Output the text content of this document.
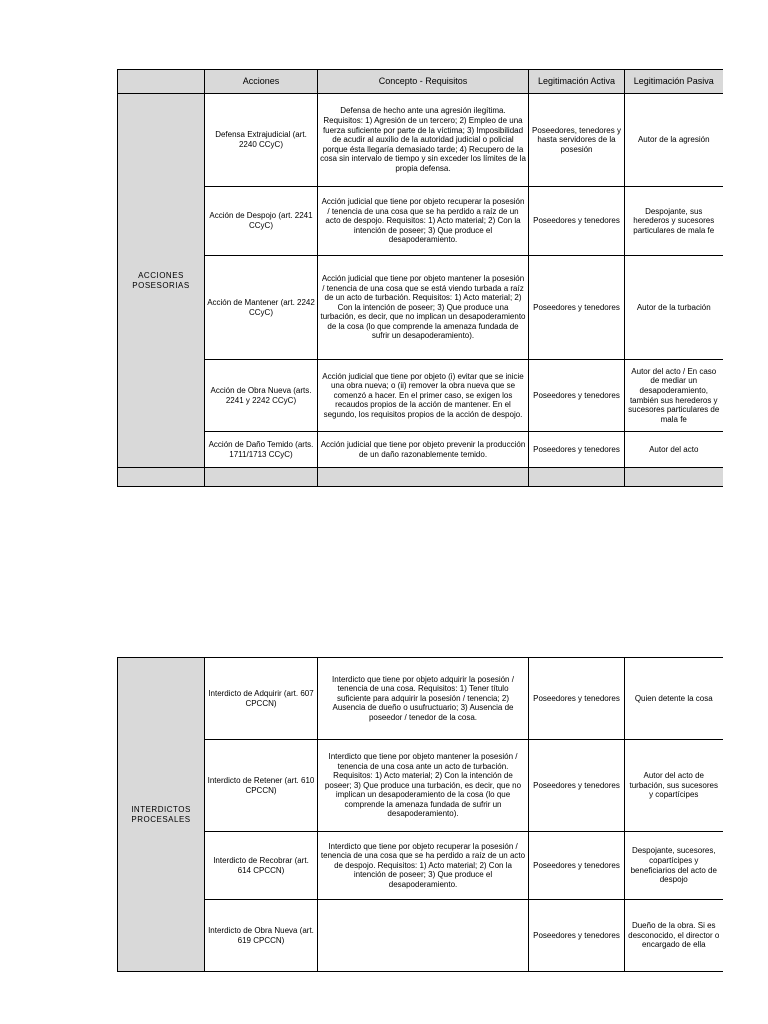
	Acciones	Concepto - Requisitos	Legitimación Activa	Legitimación Pasiva
ACCIONES POSESORIAS	Defensa Extrajudicial (art. 2240 CCyC)	Defensa de hecho ante una agresión ilegítima. Requisitos: 1) Agresión de un tercero; 2) Empleo de una fuerza suficiente por parte de la víctima; 3) Imposibilidad de acudir al auxilio de la autoridad judicial o policial porque ésta llegaría demasiado tarde; 4) Recupero de la cosa sin intervalo de tiempo y sin exceder los límites de la propia defensa.	Poseedores, tenedores y hasta servidores de la posesión	Autor de la agresión
	Acción de Despojo (art. 2241 CCyC)	Acción judicial que tiene por objeto recuperar la posesión / tenencia de una cosa que se ha perdido a raíz de un acto de despojo. Requisitos: 1) Acto material; 2) Con la intención de poseer; 3) Que produce el desapoderamiento.	Poseedores y tenedores	Despojante, sus herederos y sucesores particulares de mala fe
	Acción de Mantener (art. 2242 CCyC)	Acción judicial que tiene por objeto mantener la posesión / tenencia de una cosa que se está viendo turbada a raíz de un acto de turbación. Requisitos: 1) Acto material; 2) Con la intención de poseer; 3) Que produce una turbación, es decir, que no implican un desapoderamiento de la cosa (lo que comprende la amenaza fundada de sufrir un desapoderamiento).	Poseedores y tenedores	Autor de la turbación
	Acción de Obra Nueva (arts. 2241 y 2242 CCyC)	Acción judicial que tiene por objeto (i) evitar que se inicie una obra nueva; o (ii) remover la obra nueva que se comenzó a hacer. En el primer caso, se exigen los recaudos propios de la acción de mantener. En el segundo, los requisitos propios de la acción de despojo.	Poseedores y tenedores	Autor del acto / En caso de mediar un desapoderamiento, también sus herederos y sucesores particulares de mala fe
	Acción de Daño Temido (arts. 1711/1713 CCyC)	Acción judicial que tiene por objeto prevenir la producción de un daño razonablemente temido.	Poseedores y tenedores	Autor del acto

INTERDICTOS PROCESALES	Interdicto de Adquirir (art. 607 CPCCN)	Interdicto que tiene por objeto adquirir la posesión / tenencia de una cosa. Requisitos: 1) Tener título suficiente para adquirir la posesión / tenencia; 2) Ausencia de dueño o usufructuario; 3) Ausencia de poseedor / tenedor de la cosa.	Poseedores y tenedores	Quien detente la cosa
	Interdicto de Retener (art. 610 CPCCN)	Interdicto que tiene por objeto mantener la posesión / tenencia de una cosa ante un acto de turbación. Requisitos: 1) Acto material; 2) Con la intención de poseer; 3) Que produce una turbación, es decir, que no implican un desapoderamiento de la cosa (lo que comprende la amenaza fundada de sufrir un desapoderamiento).	Poseedores y tenedores	Autor del acto de turbación, sus sucesores y copartícipes
	Interdicto de Recobrar (art. 614 CPCCN)	Interdicto que tiene por objeto recuperar la posesión / tenencia de una cosa que se ha perdido a raíz de un acto de despojo. Requisitos: 1) Acto material; 2) Con la intención de poseer; 3) Que produce el desapoderamiento.	Poseedores y tenedores	Despojante, sucesores, copartícipes y beneficiarios del acto de despojo
	Interdicto de Obra Nueva (art. 619 CPCCN)		Poseedores y tenedores	Dueño de la obra. Si es desconocido, el director o encargado de ella
